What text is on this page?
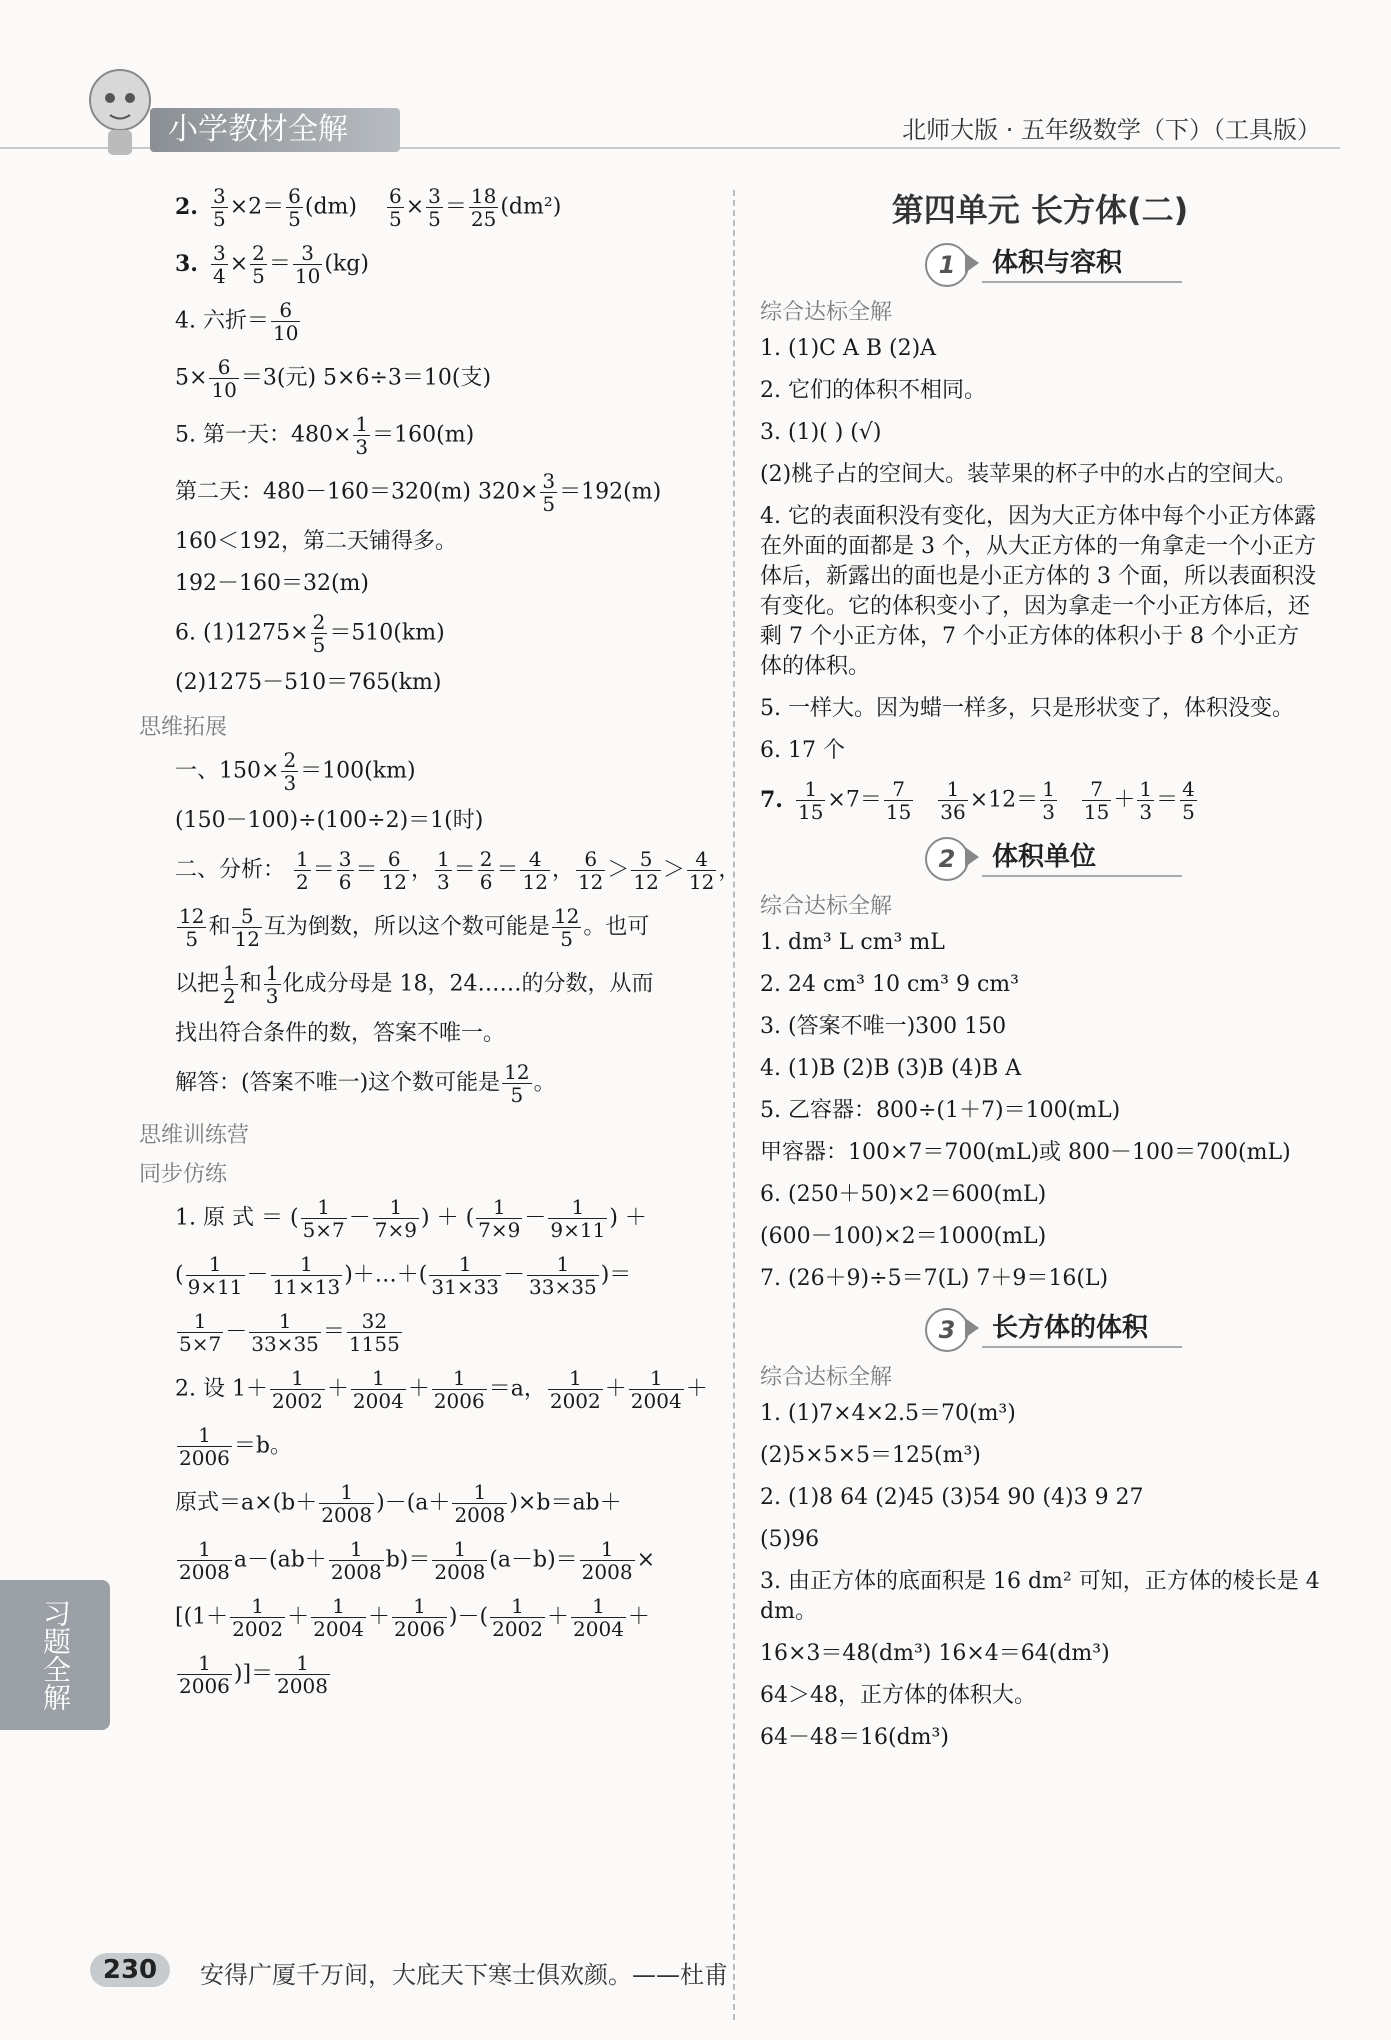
小学教材全解	北师大版 · 五年级数学（下）（工具版）
2. $\frac{3}{5} \times 2= \frac{6}{5} (dm) \frac{6}{5} \times \frac{3}{5} = \frac{18}{25} (dm^2)$
3. $\frac{3}{4} \times \frac{2}{5} = \frac{3}{10} (kg)$
4. 六折＝ $\frac{6}{10}$
$5\times \frac{6}{10} =3$(元) 5×6÷3＝10(支)
5. 第一天：$480\times \frac{1}{3} =160(m)$
第二天：480－160＝320(m) $320\times \frac{3}{5} =192(m)$
160＜192，第二天铺得多。
192－160＝32(m)
6. $(1)1275\times \frac{2}{5} =510(km)$
(2)1275－510＝765(km)
思维拓展
一、$150\times \frac{2}{3} =100(km)$
(150－100)÷(100÷2)＝1(时)
二、分析： $\frac{1}{2} = \frac{3}{6} = \frac{6}{12}$ ， $\frac{1}{3} = \frac{2}{6} = \frac{4}{12}$ ， $\frac{6}{12} > \frac{5}{12} > \frac{4}{12}$ ，
$\frac{12}{5}$ 和 $\frac{5}{12}$ 互为倒数，所以这个数可能是 $\frac{12}{5}$ 。也可
以把 $\frac{1}{2}$ 和 $\frac{1}{3}$ 化成分母是 18，24……的分数，从而
找出符合条件的数，答案不唯一。
解答：(答案不唯一)这个数可能是 $\frac{12}{5}$ 。
思维训练营
同步仿练
1. 原 式 ＝ ( $\frac{1}{5\times 7} - \frac{1}{7\times 9}$ ) ＋ ( $\frac{1}{7\times 9} - \frac{1}{9\times 11}$ ) ＋
( $\frac{1}{9\times 11} - \frac{1}{11\times 13}$ )＋…＋( $\frac{1}{31\times 33} - \frac{1}{33\times 35}$ )＝
$\frac{1}{5\times 7} - \frac{1}{33\times 35} = \frac{32}{1155}$
2. 设 $1+ \frac{1}{2002} + \frac{1}{2004} + \frac{1}{2006} =a$， $\frac{1}{2002} + \frac{1}{2004}$ ＋
$\frac{1}{2006} =b$。
原式$=a\times(b+ \frac{1}{2008} )-(a+ \frac{1}{2008} )\times b=ab+$
$\frac{1}{2008} a-(ab+ \frac{1}{2008} b)= \frac{1}{2008} (a-b)= \frac{1}{2008}$ ×
[($1+ \frac{1}{2002} + \frac{1}{2004} + \frac{1}{2006}$ )－( $\frac{1}{2002} + \frac{1}{2004}$ ＋
$\frac{1}{2006}$ )]＝ $\frac{1}{2008}$
第四单元 长方体(二)
1	体积与容积
综合达标全解
1. (1)C A B (2)A
2. 它们的体积不相同。
3. (1)( ) (√)
(2)桃子占的空间大。装苹果的杯子中的水占的空间大。
4. 它的表面积没有变化，因为大正方体中每个小正方体露在外面的面都是 3 个，从大正方体的一角拿走一个小正方体后，新露出的面也是小正方体的 3 个面，所以表面积没有变化。它的体积变小了，因为拿走一个小正方体后，还剩 7 个小正方体，7 个小正方体的体积小于 8 个小正方体的体积。
5. 一样大。因为蜡一样多，只是形状变了，体积没变。
6. 17 个
7. $\frac{1}{15} \times 7= \frac{7}{15}$
$\frac{1}{36} \times 12= \frac{1}{3}$
$\frac{7}{15} + \frac{1}{3} = \frac{4}{5}$
2	体积单位
综合达标全解
1. dm³ L cm³ mL
2. 24 cm³ 10 cm³ 9 cm³
3. (答案不唯一)300 150
4. (1)B (2)B (3)B (4)B A
5. 乙容器：800÷(1＋7)＝100(mL)
甲容器：100×7＝700(mL)或 800－100＝700(mL)
6. (250＋50)×2＝600(mL)
(600－100)×2＝1000(mL)
7. (26＋9)÷5＝7(L) 7＋9＝16(L)
3	长方体的体积
综合达标全解
1. (1)7×4×2.5＝70(m³)
(2)5×5×5＝125(m³)
2. (1)8 64 (2)45 (3)54 90 (4)3 9 27
(5)96
3. 由正方体的底面积是 16 dm² 可知，正方体的棱长是 4 dm。
16×3＝48(dm³) 16×4＝64(dm³)
64＞48，正方体的体积大。
64－48＝16(dm³)
习题全解
230	安得广厦千万间，大庇天下寒士俱欢颜。——杜甫
